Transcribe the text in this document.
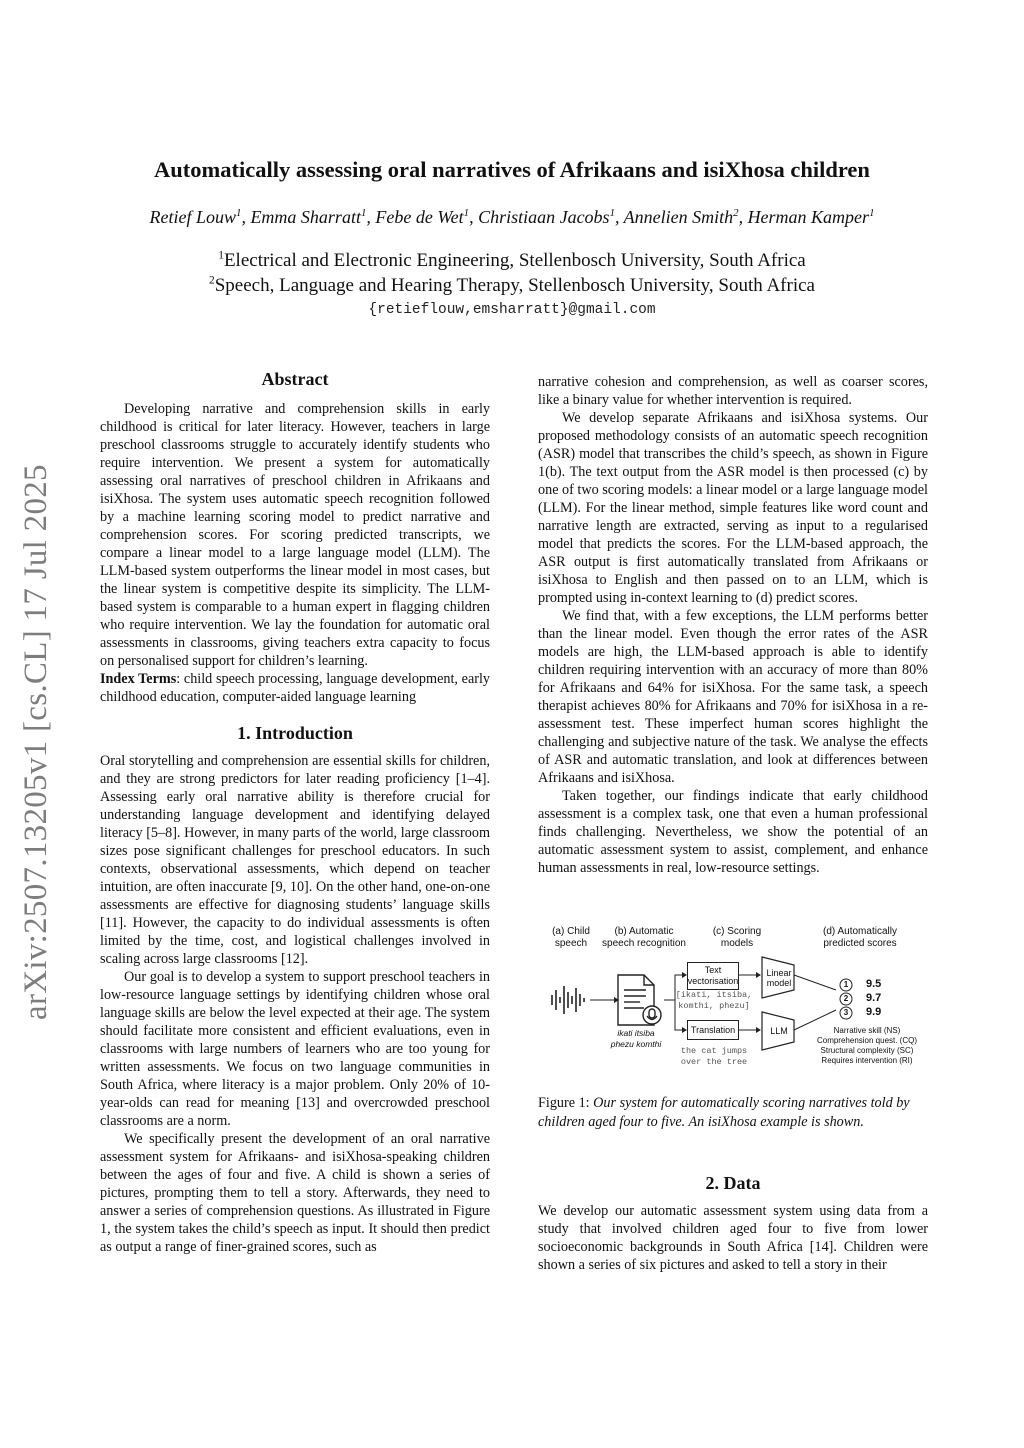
arXiv:2507.13205v1 [cs.CL] 17 Jul 2025
Automatically assessing oral narratives of Afrikaans and isiXhosa children
Retief Louw$^1$, Emma Sharratt$^1$, Febe de Wet$^1$, Christiaan Jacobs$^1$, Annelien Smith$^2$, Herman Kamper$^1$
$^1$Electrical and Electronic Engineering, Stellenbosch University, South Africa
$^2$Speech, Language and Hearing Therapy, Stellenbosch University, South Africa
{retieflouw,emsharratt}@gmail.com
Abstract

Developing narrative and comprehension skills in early childhood is critical for later literacy. However, teachers in large preschool classrooms struggle to accurately identify students who require intervention. We present a system for automatically assessing oral narratives of preschool children in Afrikaans and isiXhosa. The system uses automatic speech recognition followed by a machine learning scoring model to predict narrative and comprehension scores. For scoring predicted transcripts, we compare a linear model to a large language model (LLM). The LLM-based system outperforms the linear model in most cases, but the linear system is competitive despite its simplicity. The LLM-based system is comparable to a human expert in flagging children who require intervention. We lay the foundation for automatic oral assessments in classrooms, giving teachers extra capacity to focus on personalised support for children’s learning.

Index Terms: child speech processing, language development, early childhood education, computer-aided language learning

1. Introduction

Oral storytelling and comprehension are essential skills for children, and they are strong predictors for later reading proficiency [1–4]. Assessing early oral narrative ability is therefore crucial for understanding language development and identifying delayed literacy [5–8]. However, in many parts of the world, large classroom sizes pose significant challenges for preschool educators. In such contexts, observational assessments, which depend on teacher intuition, are often inaccurate [9, 10]. On the other hand, one-on-one assessments are effective for diagnosing students’ language skills [11]. However, the capacity to do individual assessments is often limited by the time, cost, and logistical challenges involved in scaling across large classrooms [12].

Our goal is to develop a system to support preschool teachers in low-resource language settings by identifying children whose oral language skills are below the level expected at their age. The system should facilitate more consistent and efficient evaluations, even in classrooms with large numbers of learners who are too young for written assessments. We focus on two language communities in South Africa, where literacy is a major problem. Only 20% of 10-year-olds can read for meaning [13] and overcrowded preschool classrooms are a norm.

We specifically present the development of an oral narrative assessment system for Afrikaans- and isiXhosa-speaking children between the ages of four and five. A child is shown a series of pictures, prompting them to tell a story. Afterwards, they need to answer a series of comprehension questions. As illustrated in Figure 1, the system takes the child’s speech as input. It should then predict as output a range of finer-grained scores, such as

narrative cohesion and comprehension, as well as coarser scores, like a binary value for whether intervention is required.

We develop separate Afrikaans and isiXhosa systems. Our proposed methodology consists of an automatic speech recognition (ASR) model that transcribes the child’s speech, as shown in Figure 1(b). The text output from the ASR model is then processed (c) by one of two scoring models: a linear model or a large language model (LLM). For the linear method, simple features like word count and narrative length are extracted, serving as input to a regularised model that predicts the scores. For the LLM-based approach, the ASR output is first automatically translated from Afrikaans or isiXhosa to English and then passed on to an LLM, which is prompted using in-context learning to (d) predict scores.

We find that, with a few exceptions, the LLM performs better than the linear model. Even though the error rates of the ASR models are high, the LLM-based approach is able to identify children requiring intervention with an accuracy of more than 80% for Afrikaans and 64% for isiXhosa. For the same task, a speech therapist achieves 80% for Afrikaans and 70% for isiXhosa in a re-assessment test. These imperfect human scores highlight the challenging and subjective nature of the task. We analyse the effects of ASR and automatic translation, and look at differences between Afrikaans and isiXhosa.

Taken together, our findings indicate that early childhood assessment is a complex task, one that even a human professional finds challenging. Nevertheless, we show the potential of an automatic assessment system to assist, complement, and enhance human assessments in real, low-resource settings.

(a) Child
speech
(b) Automatic
speech recognition
(c) Scoring
models
(d) Automatically
predicted scores
Text
vectorisation
Linear
model
[ikati, itsiba,
komthi, phezu]
Translation	LLM
ikati itsiba
phezu komthi
the cat jumps
over the tree
1
2
3
9.5
9.7
9.9
Narrative skill (NS)
Comprehension quest. (CQ)
Structural complexity (SC)
Requires intervention (RI)
Figure 1: Our system for automatically scoring narratives told by children aged four to five. An isiXhosa example is shown.
2. Data

We develop our automatic assessment system using data from a study that involved children aged four to five from lower socioeconomic backgrounds in South Africa [14]. Children were shown a series of six pictures and asked to tell a story in their
